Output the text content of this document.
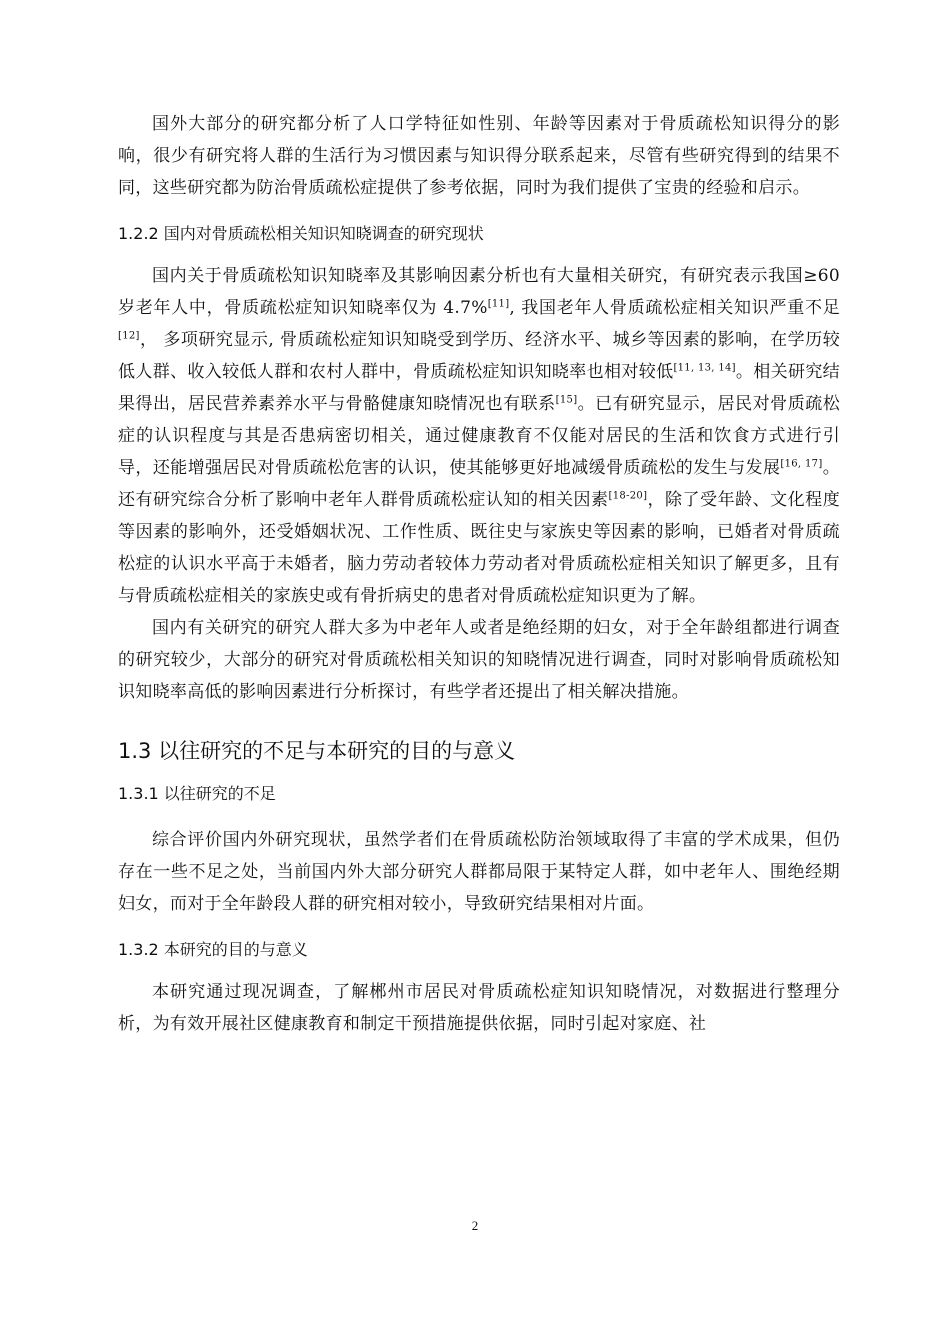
国外大部分的研究都分析了人口学特征如性别、年龄等因素对于骨质疏松知识得分的影响，很少有研究将人群的生活行为习惯因素与知识得分联系起来，尽管有些研究得到的结果不同，这些研究都为防治骨质疏松症提供了参考依据，同时为我们提供了宝贵的经验和启示。

1.2.2 国内对骨质疏松相关知识知晓调查的研究现状

国内关于骨质疏松知识知晓率及其影响因素分析也有大量相关研究，有研究表示我国≥60 岁老年人中，骨质疏松症知识知晓率仅为 4.7%[11], 我国老年人骨质疏松症相关知识严重不足[12]， 多项研究显示, 骨质疏松症知识知晓受到学历、经济水平、城乡等因素的影响，在学历较低人群、收入较低人群和农村人群中，骨质疏松症知识知晓率也相对较低[11, 13, 14]。相关研究结果得出，居民营养素养水平与骨骼健康知晓情况也有联系[15]。已有研究显示，居民对骨质疏松症的认识程度与其是否患病密切相关，通过健康教育不仅能对居民的生活和饮食方式进行引导，还能增强居民对骨质疏松危害的认识，使其能够更好地减缓骨质疏松的发生与发展[16, 17]。还有研究综合分析了影响中老年人群骨质疏松症认知的相关因素[18-20]，除了受年龄、文化程度等因素的影响外，还受婚姻状况、工作性质、既往史与家族史等因素的影响，已婚者对骨质疏松症的认识水平高于未婚者，脑力劳动者较体力劳动者对骨质疏松症相关知识了解更多，且有与骨质疏松症相关的家族史或有骨折病史的患者对骨质疏松症知识更为了解。

国内有关研究的研究人群大多为中老年人或者是绝经期的妇女，对于全年龄组都进行调查的研究较少，大部分的研究对骨质疏松相关知识的知晓情况进行调查，同时对影响骨质疏松知识知晓率高低的影响因素进行分析探讨，有些学者还提出了相关解决措施。

1.3 以往研究的不足与本研究的目的与意义
1.3.1 以往研究的不足

综合评价国内外研究现状，虽然学者们在骨质疏松防治领域取得了丰富的学术成果，但仍存在一些不足之处，当前国内外大部分研究人群都局限于某特定人群，如中老年人、围绝经期妇女，而对于全年龄段人群的研究相对较小，导致研究结果相对片面。

1.3.2 本研究的目的与意义

本研究通过现况调查，了解郴州市居民对骨质疏松症知识知晓情况，对数据进行整理分析，为有效开展社区健康教育和制定干预措施提供依据，同时引起对家庭、社

2
